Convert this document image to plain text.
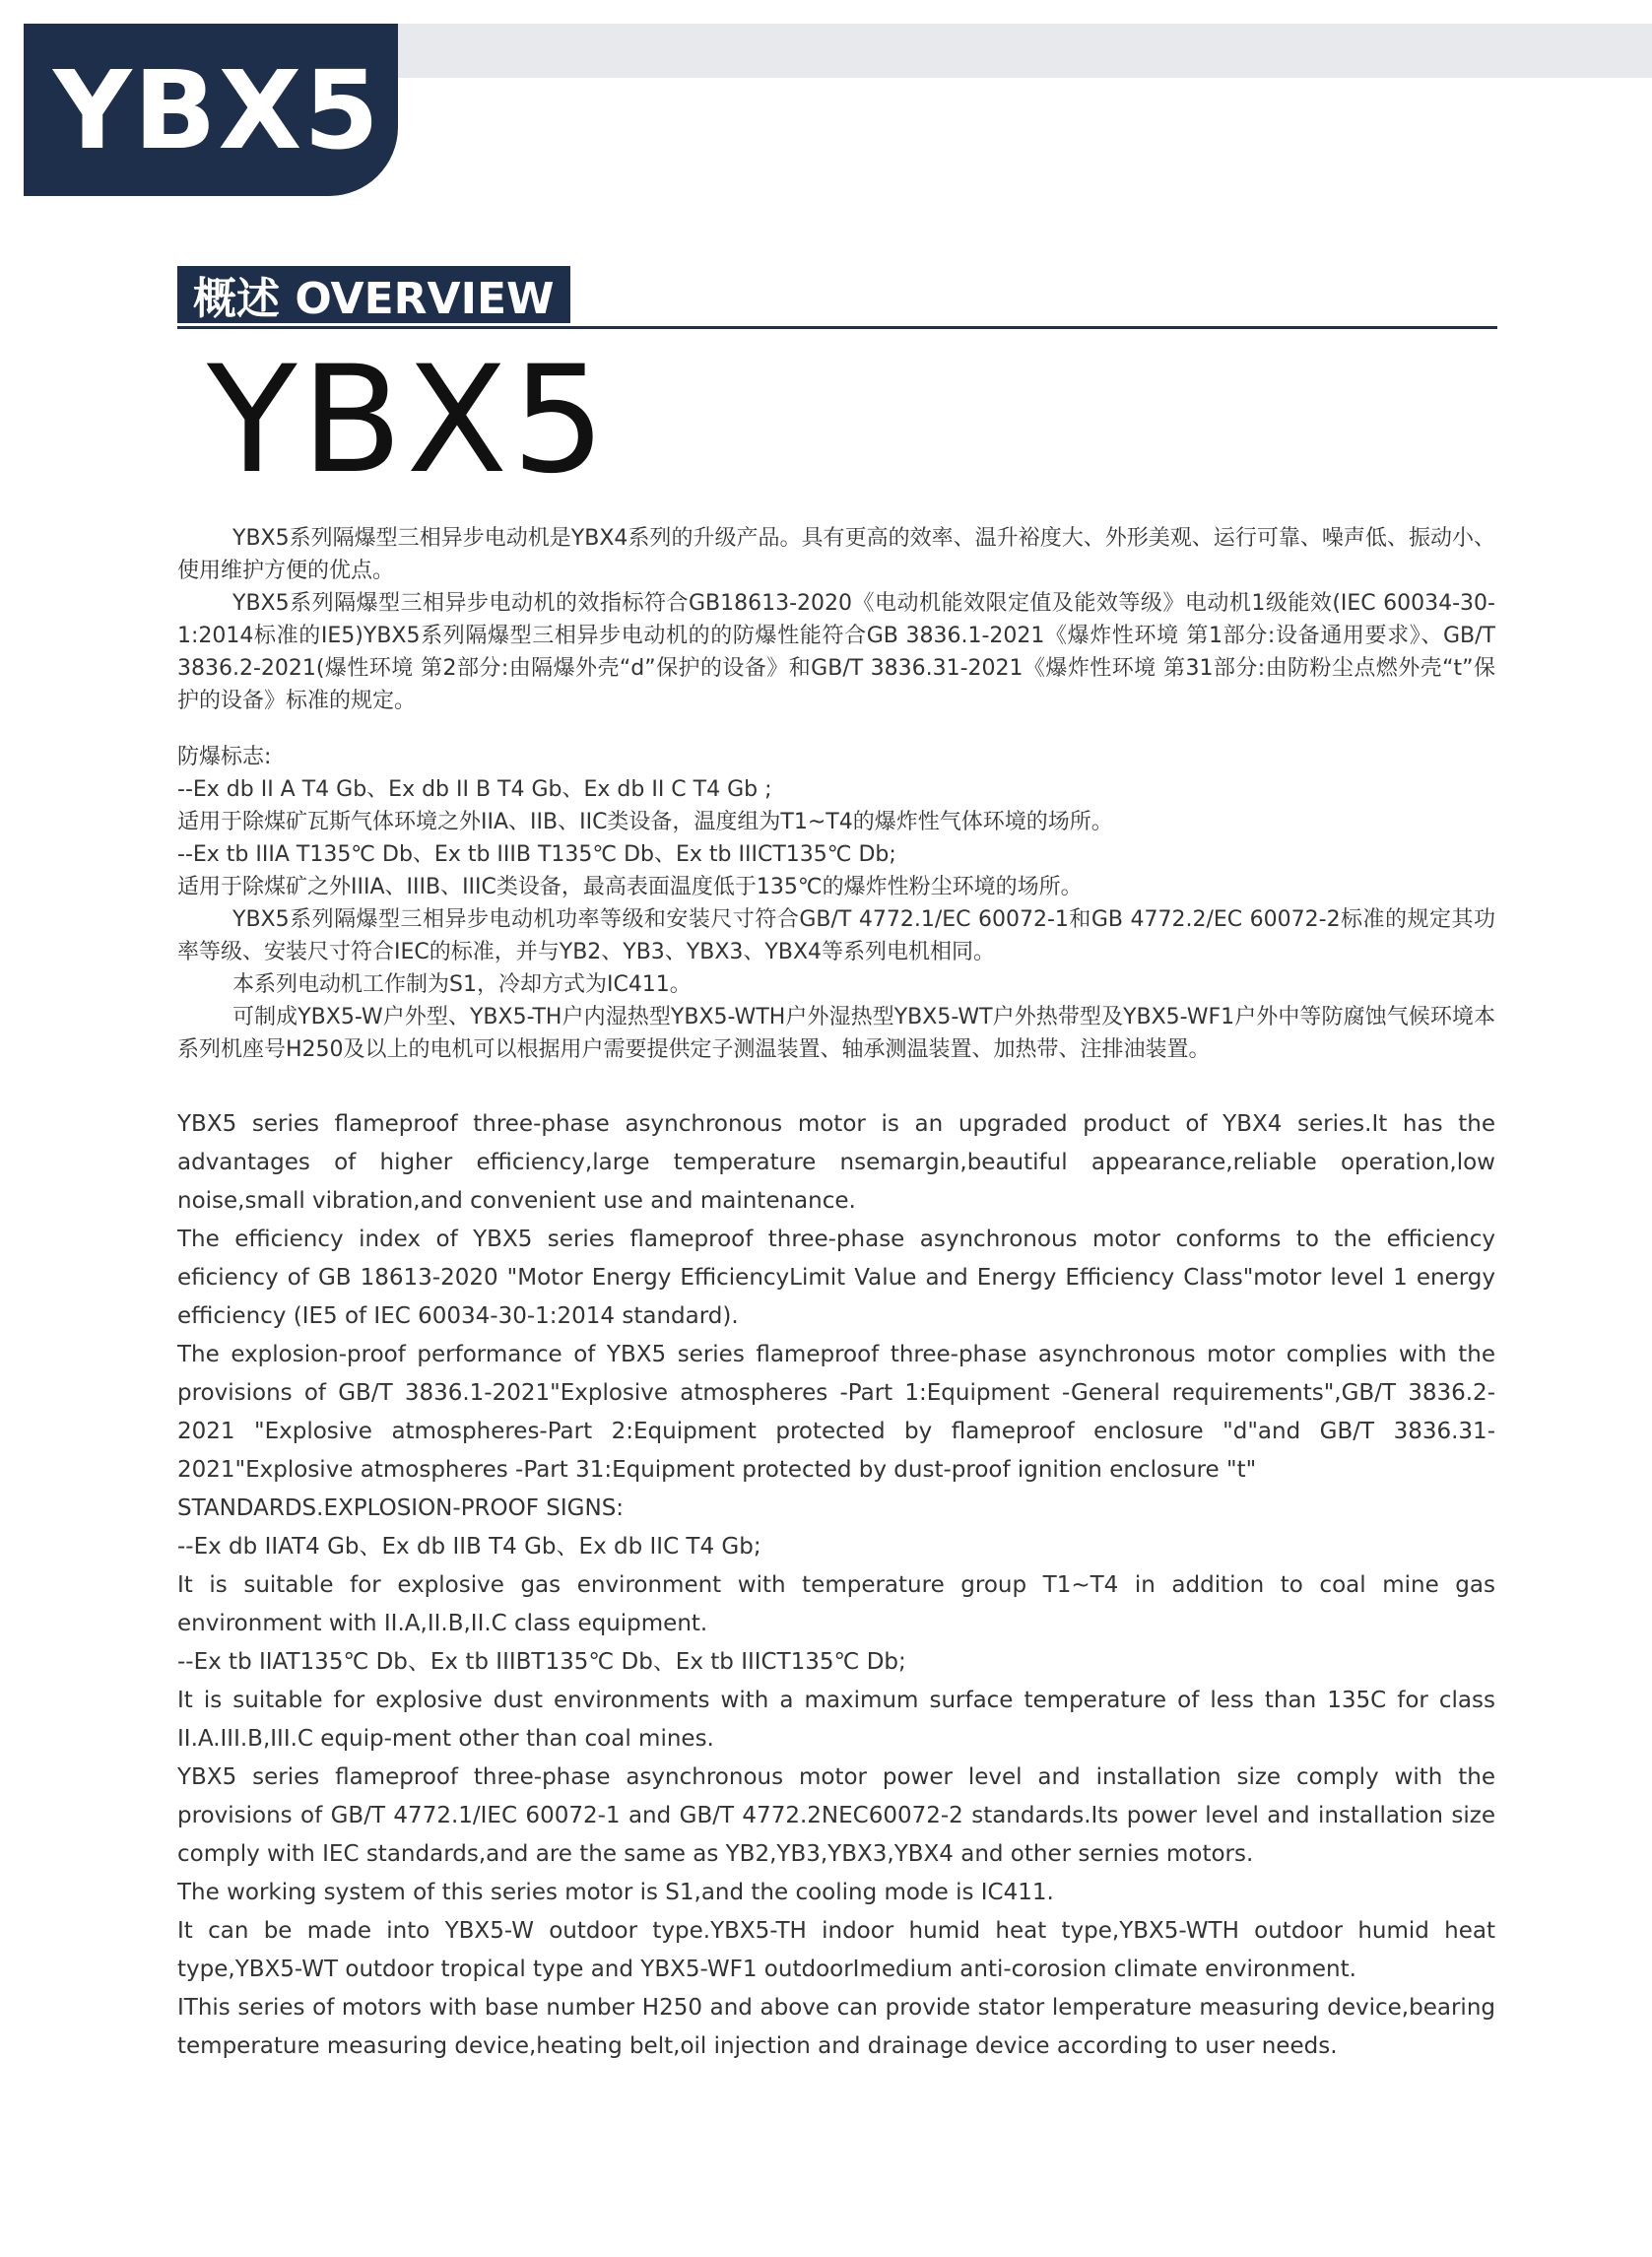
YBX5
概述 OVERVIEW
YBX5

YBX5系列隔爆型三相异步电动机是YBX4系列的升级产品。具有更高的效率、温升裕度大、外形美观、运行可靠、噪声低、振动小、使用维护方便的优点。

YBX5系列隔爆型三相异步电动机的效指标符合GB18613-2020《电动机能效限定值及能效等级》电动机1级能效(IEC 60034-30-1:2014标准的IE5)YBX5系列隔爆型三相异步电动机的的防爆性能符合GB 3836.1-2021《爆炸性环境 第1部分:设备通用要求》、GB/T 3836.2-2021(爆性环境 第2部分:由隔爆外壳“d”保护的设备》和GB/T 3836.31-2021《爆炸性环境 第31部分:由防粉尘点燃外壳“t”保护的设备》标准的规定。

防爆标志:

--Ex db II A T4 Gb、Ex db II B T4 Gb、Ex db II C T4 Gb ;

适用于除煤矿瓦斯气体环境之外IIA、IIB、IIC类设备，温度组为T1~T4的爆炸性气体环境的场所。

--Ex tb IIIA T135℃ Db、Ex tb IIIB T135℃ Db、Ex tb IIICT135℃ Db;

适用于除煤矿之外IIIA、IIIB、IIIC类设备，最高表面温度低于135℃的爆炸性粉尘环境的场所。

YBX5系列隔爆型三相异步电动机功率等级和安装尺寸符合GB/T 4772.1/EC 60072-1和GB 4772.2/EC 60072-2标准的规定其功率等级、安装尺寸符合IEC的标准，并与YB2、YB3、YBX3、YBX4等系列电机相同。

本系列电动机工作制为S1，冷却方式为IC411。

可制成YBX5-W户外型、YBX5-TH户内湿热型YBX5-WTH户外湿热型YBX5-WT户外热带型及YBX5-WF1户外中等防腐蚀气候环境本系列机座号H250及以上的电机可以根据用户需要提供定子测温装置、轴承测温装置、加热带、注排油装置。

YBX5 series flameproof three-phase asynchronous motor is an upgraded product of YBX4 series.It has the advantages of higher efficiency,large temperature nsemargin,beautiful appearance,reliable operation,low noise,small vibration,and convenient use and maintenance.

The efficiency index of YBX5 series flameproof three-phase asynchronous motor conforms to the efficiency eficiency of GB 18613-2020 "Motor Energy EfficiencyLimit Value and Energy Efficiency Class"motor level 1 energy efficiency (IE5 of IEC 60034-30-1:2014 standard).

The explosion-proof performance of YBX5 series flameproof three-phase asynchronous motor complies with the provisions of GB/T 3836.1-2021"Explosive atmospheres -Part 1:Equipment -General requirements",GB/T 3836.2-2021 "Explosive atmospheres-Part 2:Equipment protected by flameproof enclosure "d"and GB/T 3836.31-2021"Explosive atmospheres -Part 31:Equipment protected by dust-proof ignition enclosure "t"

STANDARDS.EXPLOSION-PROOF SIGNS:

--Ex db IIAT4 Gb、Ex db IIB T4 Gb、Ex db IIC T4 Gb;

It is suitable for explosive gas environment with temperature group T1~T4 in addition to coal mine gas environment with II.A,II.B,II.C class equipment.

--Ex tb IIAT135℃ Db、Ex tb IIIBT135℃ Db、Ex tb IIICT135℃ Db;

It is suitable for explosive dust environments with a maximum surface temperature of less than 135C for class II.A.III.B,III.C equip-ment other than coal mines.

YBX5 series flameproof three-phase asynchronous motor power level and installation size comply with the provisions of GB/T 4772.1/IEC 60072-1 and GB/T 4772.2NEC60072-2 standards.Its power level and installation size comply with IEC standards,and are the same as YB2,YB3,YBX3,YBX4 and other sernies motors.

The working system of this series motor is S1,and the cooling mode is IC411.

It can be made into YBX5-W outdoor type.YBX5-TH indoor humid heat type,YBX5-WTH outdoor humid heat type,YBX5-WT outdoor tropical type and YBX5-WF1 outdoorImedium anti-corosion climate environment.

IThis series of motors with base number H250 and above can provide stator lemperature measuring device,bearing temperature measuring device,heating belt,oil injection and drainage device according to user needs.
